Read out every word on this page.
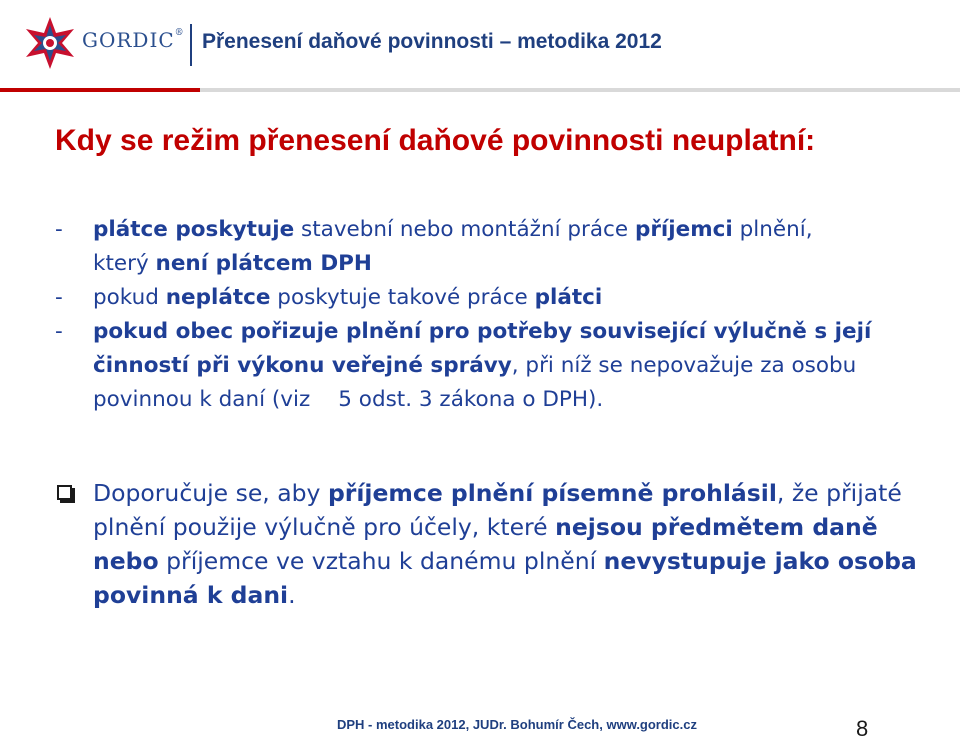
GORDIC® Přenesení daňové povinnosti – metodika 2012
Kdy se režim přenesení daňové povinnosti neuplatní:
- plátce poskytuje stavební nebo montážní práce příjemci plnění,
který není plátcem DPH
- pokud neplátce poskytuje takové práce plátci
- pokud obec pořizuje plnění pro potřeby související výlučně s její činností při výkonu veřejné správy, při níž se nepovažuje za osobu povinnou k daní (viz 5 odst. 3 zákona o DPH).
Doporučuje se, aby příjemce plnění písemně prohlásil, že přijaté plnění použije výlučně pro účely, které nejsou předmětem daně nebo příjemce ve vztahu k danému plnění nevystupuje jako osoba povinná k dani.
DPH - metodika 2012, JUDr. Bohumír Čech, www.gordic.cz	8
